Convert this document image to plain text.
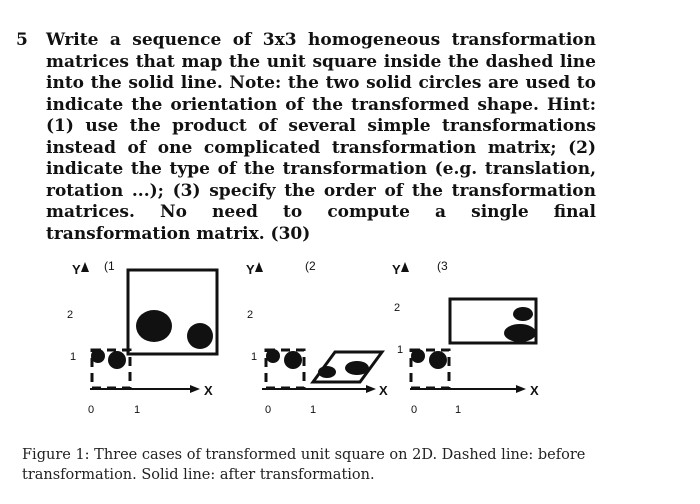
5 Write a sequence of 3x3 homogeneous transformation matrices that map the unit square inside the dashed line into the solid line. Note: the two solid circles are used to indicate the orientation of the transformed shape. Hint: (1) use the product of several simple transformations instead of one complicated transformation matrix; (2) indicate the type of the transformation (e.g. translation, rotation ...); (3) specify the order of the transformation matrices. No need to compute a single final transformation matrix. (30)
Y (1
2
1
0	1
X
Y	(2
2
1
0	1
X
Y	(3
2
1
0	1
X
Figure 1: Three cases of transformed unit square on 2D. Dashed line: before transformation. Solid line: after transformation.
